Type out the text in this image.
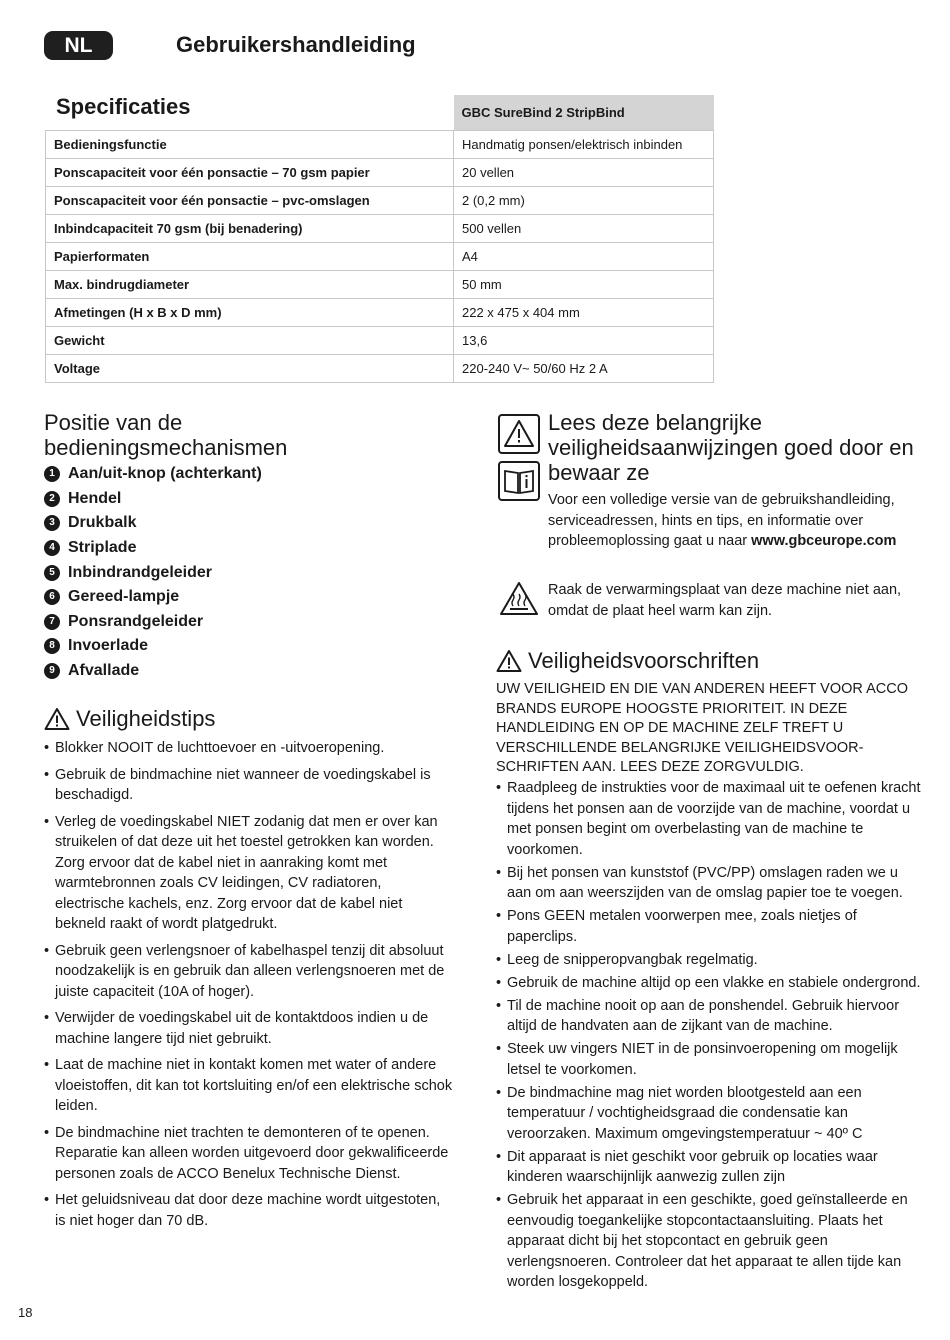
NL	Gebruikershandleiding
	GBC SureBind 2 StripBind
Bedieningsfunctie	Handmatig ponsen/elektrisch inbinden
Ponscapaciteit voor één ponsactie – 70 gsm papier	20 vellen
Ponscapaciteit voor één ponsactie – pvc-omslagen	2 (0,2 mm)
Inbindcapaciteit 70 gsm (bij benadering)	500 vellen
Papierformaten	A4
Max. bindrugdiameter	50 mm
Afmetingen (H x B x D mm)	222 x 475 x 404 mm
Gewicht	13,6
Voltage	220-240 V~ 50/60 Hz 2 A
Specificaties
Positie van de
bedieningsmechanismen
1 Aan/uit-knop (achterkant)
2 Hendel
3 Drukbalk
4 Striplade
5 Inbindrandgeleider
6 Gereed-lampje
7 Ponsrandgeleider
8 Invoerlade
9 Afvallade
Veiligheidstips
• Blokker NOOIT de luchttoevoer en -uitvoeropening.
• Gebruik de bindmachine niet wanneer de voedingskabel is beschadigd.
• Verleg de voedingskabel NIET zodanig dat men er over kan struikelen of dat deze uit het toestel getrokken kan worden. Zorg ervoor dat de kabel niet in aanraking komt met warmtebronnen zoals CV leidingen, CV radiatoren, electrische kachels, enz. Zorg ervoor dat de kabel niet bekneld raakt of wordt platgedrukt.
• Gebruik geen verlengsnoer of kabelhaspel tenzij dit absoluut noodzakelijk is en gebruik dan alleen verlengsnoeren met de juiste capaciteit (10A of hoger).
• Verwijder de voedingskabel uit de kontaktdoos indien u de machine langere tijd niet gebruikt.
• Laat de machine niet in kontakt komen met water of andere vloeistoffen, dit kan tot kortsluiting en/of een elektrische schok leiden.
• De bindmachine niet trachten te demonteren of te openen. Reparatie kan alleen worden uitgevoerd door gekwalificeerde personen zoals de ACCO Benelux Technische Dienst.
• Het geluidsniveau dat door deze machine wordt uitgestoten, is niet hoger dan 70 dB.
Lees deze belangrijke veiligheidsaanwijzingen goed door en bewaar ze
Voor een volledige versie van de gebruikshandleiding, serviceadressen, hints en tips, en informatie over probleemoplossing gaat u naar www.gbceurope.com
Raak de verwarmingsplaat van deze machine niet aan, omdat de plaat heel warm kan zijn.
Veiligheidsvoorschriften
UW VEILIGHEID EN DIE VAN ANDEREN HEEFT VOOR ACCO BRANDS EUROPE HOOGSTE PRIORITEIT. IN DEZE HANDLEIDING EN OP DE MACHINE ZELF TREFT U VERSCHILLENDE BELANGRIJKE VEILIGHEIDSVOOR-SCHRIFTEN AAN. LEES DEZE ZORGVULDIG.
• Raadpleeg de instrukties voor de maximaal uit te oefenen kracht tijdens het ponsen aan de voorzijde van de machine, voordat u met ponsen begint om overbelasting van de machine te voorkomen.
• Bij het ponsen van kunststof (PVC/PP) omslagen raden we u aan om aan weerszijden van de omslag papier toe te voegen.
• Pons GEEN metalen voorwerpen mee, zoals nietjes of paperclips.
• Leeg de snipperopvangbak regelmatig.
• Gebruik de machine altijd op een vlakke en stabiele ondergrond.
• Til de machine nooit op aan de ponshendel. Gebruik hiervoor altijd de handvaten aan de zijkant van de machine.
• Steek uw vingers NIET in de ponsinvoeropening om mogelijk letsel te voorkomen.
• De bindmachine mag niet worden blootgesteld aan een temperatuur / vochtigheidsgraad die condensatie kan veroorzaken. Maximum omgevingstemperatuur ~ 40º C
• Dit apparaat is niet geschikt voor gebruik op locaties waar kinderen waarschijnlijk aanwezig zullen zijn
• Gebruik het apparaat in een geschikte, goed geïnstalleerde en eenvoudig toegankelijke stopcontactaansluiting. Plaats het apparaat dicht bij het stopcontact en gebruik geen verlengsnoeren. Controleer dat het apparaat te allen tijde kan worden losgekoppeld.
18
